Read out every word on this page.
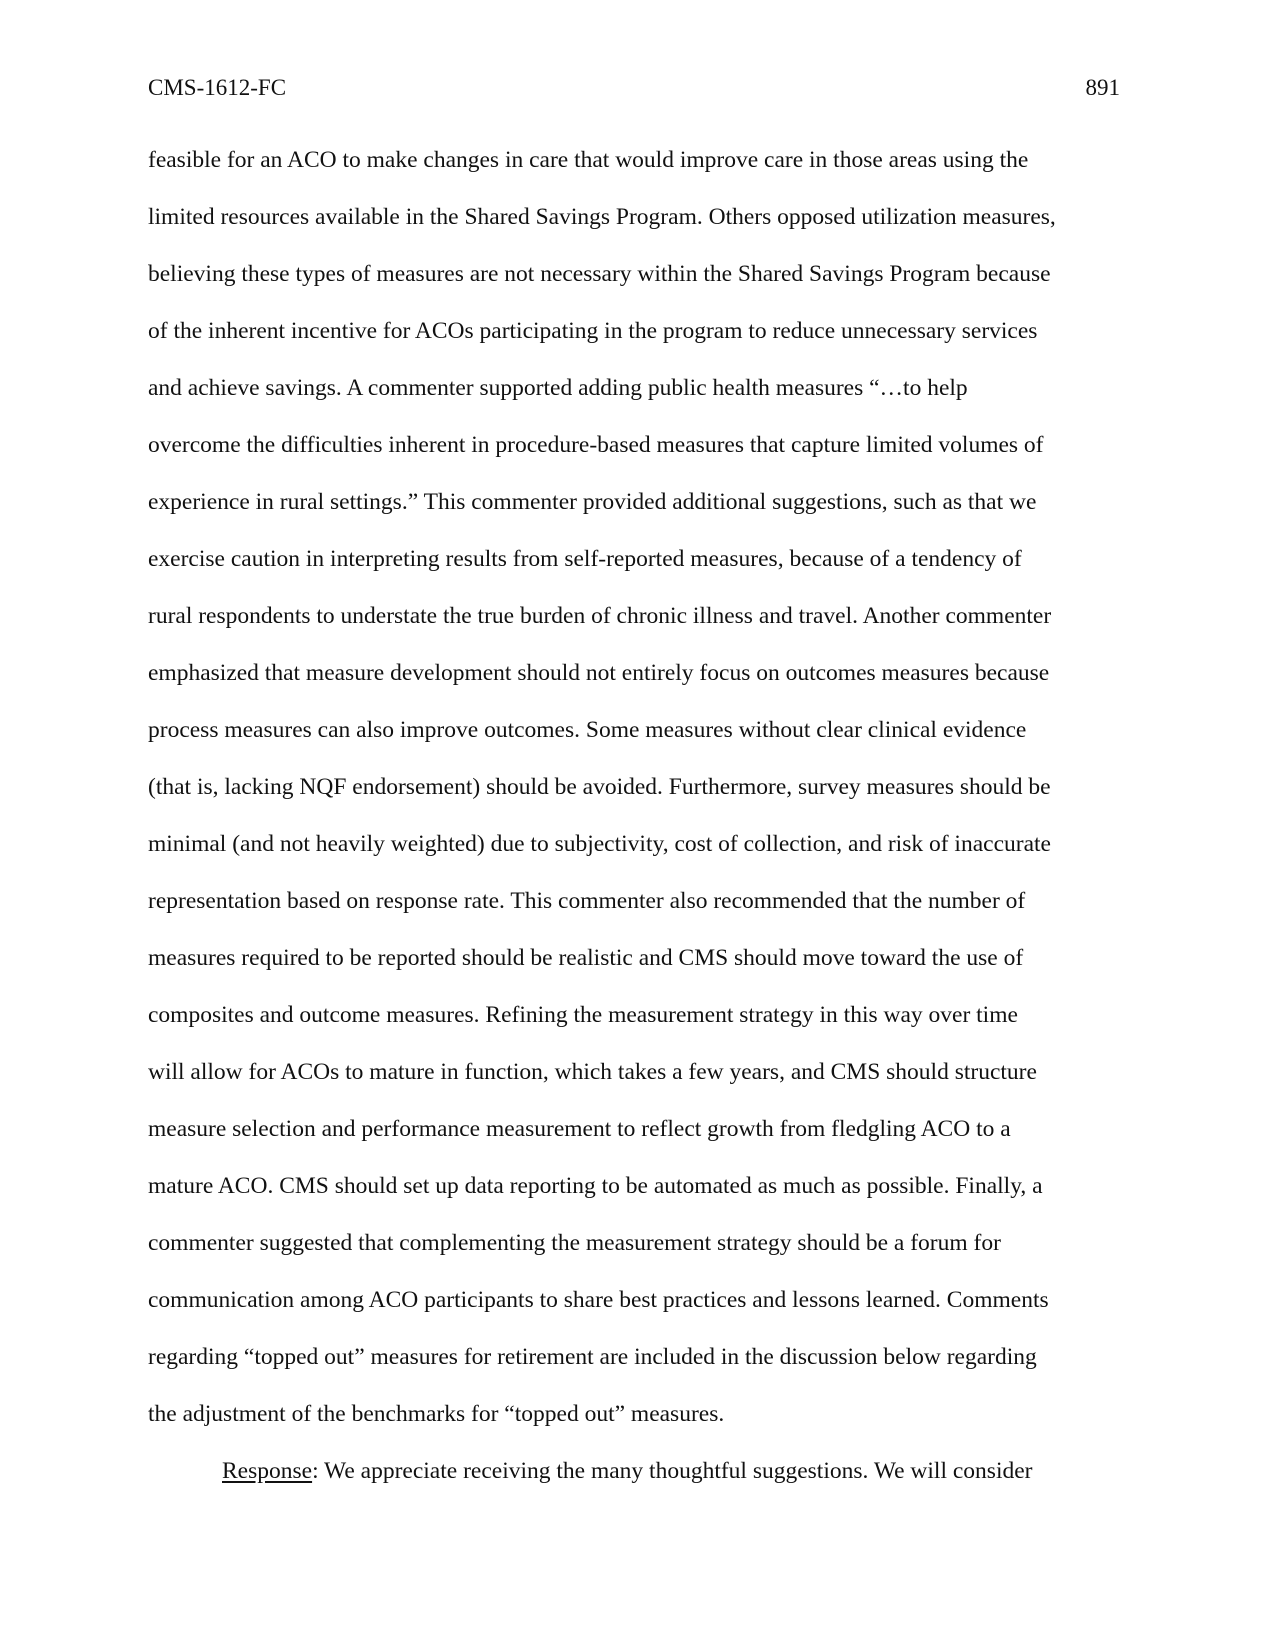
CMS-1612-FC	891
feasible for an ACO to make changes in care that would improve care in those areas using the
limited resources available in the Shared Savings Program. Others opposed utilization measures,
believing these types of measures are not necessary within the Shared Savings Program because
of the inherent incentive for ACOs participating in the program to reduce unnecessary services
and achieve savings. A commenter supported adding public health measures “…to help
overcome the difficulties inherent in procedure-based measures that capture limited volumes of
experience in rural settings.” This commenter provided additional suggestions, such as that we
exercise caution in interpreting results from self-reported measures, because of a tendency of
rural respondents to understate the true burden of chronic illness and travel. Another commenter
emphasized that measure development should not entirely focus on outcomes measures because
process measures can also improve outcomes. Some measures without clear clinical evidence
(that is, lacking NQF endorsement) should be avoided. Furthermore, survey measures should be
minimal (and not heavily weighted) due to subjectivity, cost of collection, and risk of inaccurate
representation based on response rate. This commenter also recommended that the number of
measures required to be reported should be realistic and CMS should move toward the use of
composites and outcome measures. Refining the measurement strategy in this way over time
will allow for ACOs to mature in function, which takes a few years, and CMS should structure
measure selection and performance measurement to reflect growth from fledgling ACO to a
mature ACO. CMS should set up data reporting to be automated as much as possible. Finally, a
commenter suggested that complementing the measurement strategy should be a forum for
communication among ACO participants to share best practices and lessons learned. Comments
regarding “topped out” measures for retirement are included in the discussion below regarding
the adjustment of the benchmarks for “topped out” measures.
Response: We appreciate receiving the many thoughtful suggestions. We will consider
